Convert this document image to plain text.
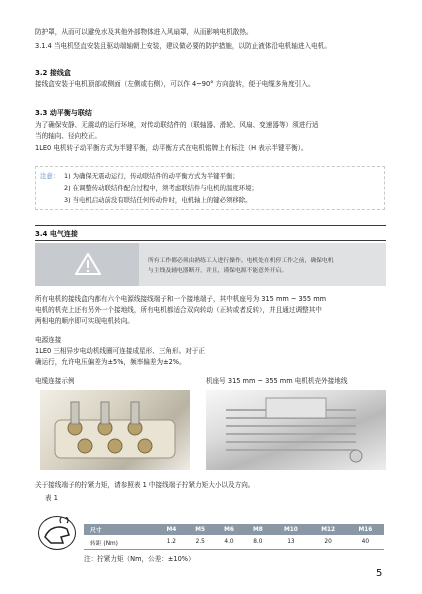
防护罩，从而可以避免水及其他外部物体进入风扇罩，从而影响电机散热。
3.1.4 当电机竖直安装且驱动端轴朝上安装，建议做必要的防护措施，以防止液体沿电机轴进入电机。
3.2 接线盒
接线盒安装于电机顶部或侧面（左侧或右侧），可以作 4~90° 方向旋转，便于电缆多角度引入。
3.3 动平衡与联结
为了确保安静、无震动的运行环境，对传动联结件的（联轴器、滑轮、风扇、变速器等）须进行适
当的轴向、径向校正。
1LE0 电机转子动平衡方式为半键平衡，动平衡方式在电机铭牌上有标注（H 表示半键平衡）。
注意： 1) 为确保无震动运行，传动联结件的动平衡方式为半键平衡；
2) 在调整传动联结件配合过程中，须考虑联结件与电机的温度环境；
3) 当电机启动前没有联结任何传动件时，电机轴上的键必须移除。
3.4 电气连接
所有工作都必须由熟练工人进行操作。电机处在机停工作之前，确保电机
与主线及辅电器断开，并且，谨保电源不能意外开启。
所有电机的接线盒内都有六个电源线接线端子和一个接地端子，其中机座号为 315 mm ~ 355 mm
电机的机壳上还有另外一个接地线，所有电机都适合双向转动（正转或者反转），并且通过调整其中
两相电的顺序即可实现电机转向。
电源连接
1LE0 三相异步电动机线圈可连接成星形、三角形。对于正
确运行，允许电压偏差为±5%，频率偏差为±2%。
电缆连接示例	机座号 315 mm ~ 355 mm 电机机壳外接地线
关于接线端子的拧紧力矩，请参照表 1 中接线端子拧紧力矩大小以及方向。
表 1
尺寸	M4	M5	M6	M8	M10	M12	M16
转距 (Nm)	1.2	2.5	4.0	8.0	13	20	40
注：拧紧力矩（Nm，公差：±10%）
5
